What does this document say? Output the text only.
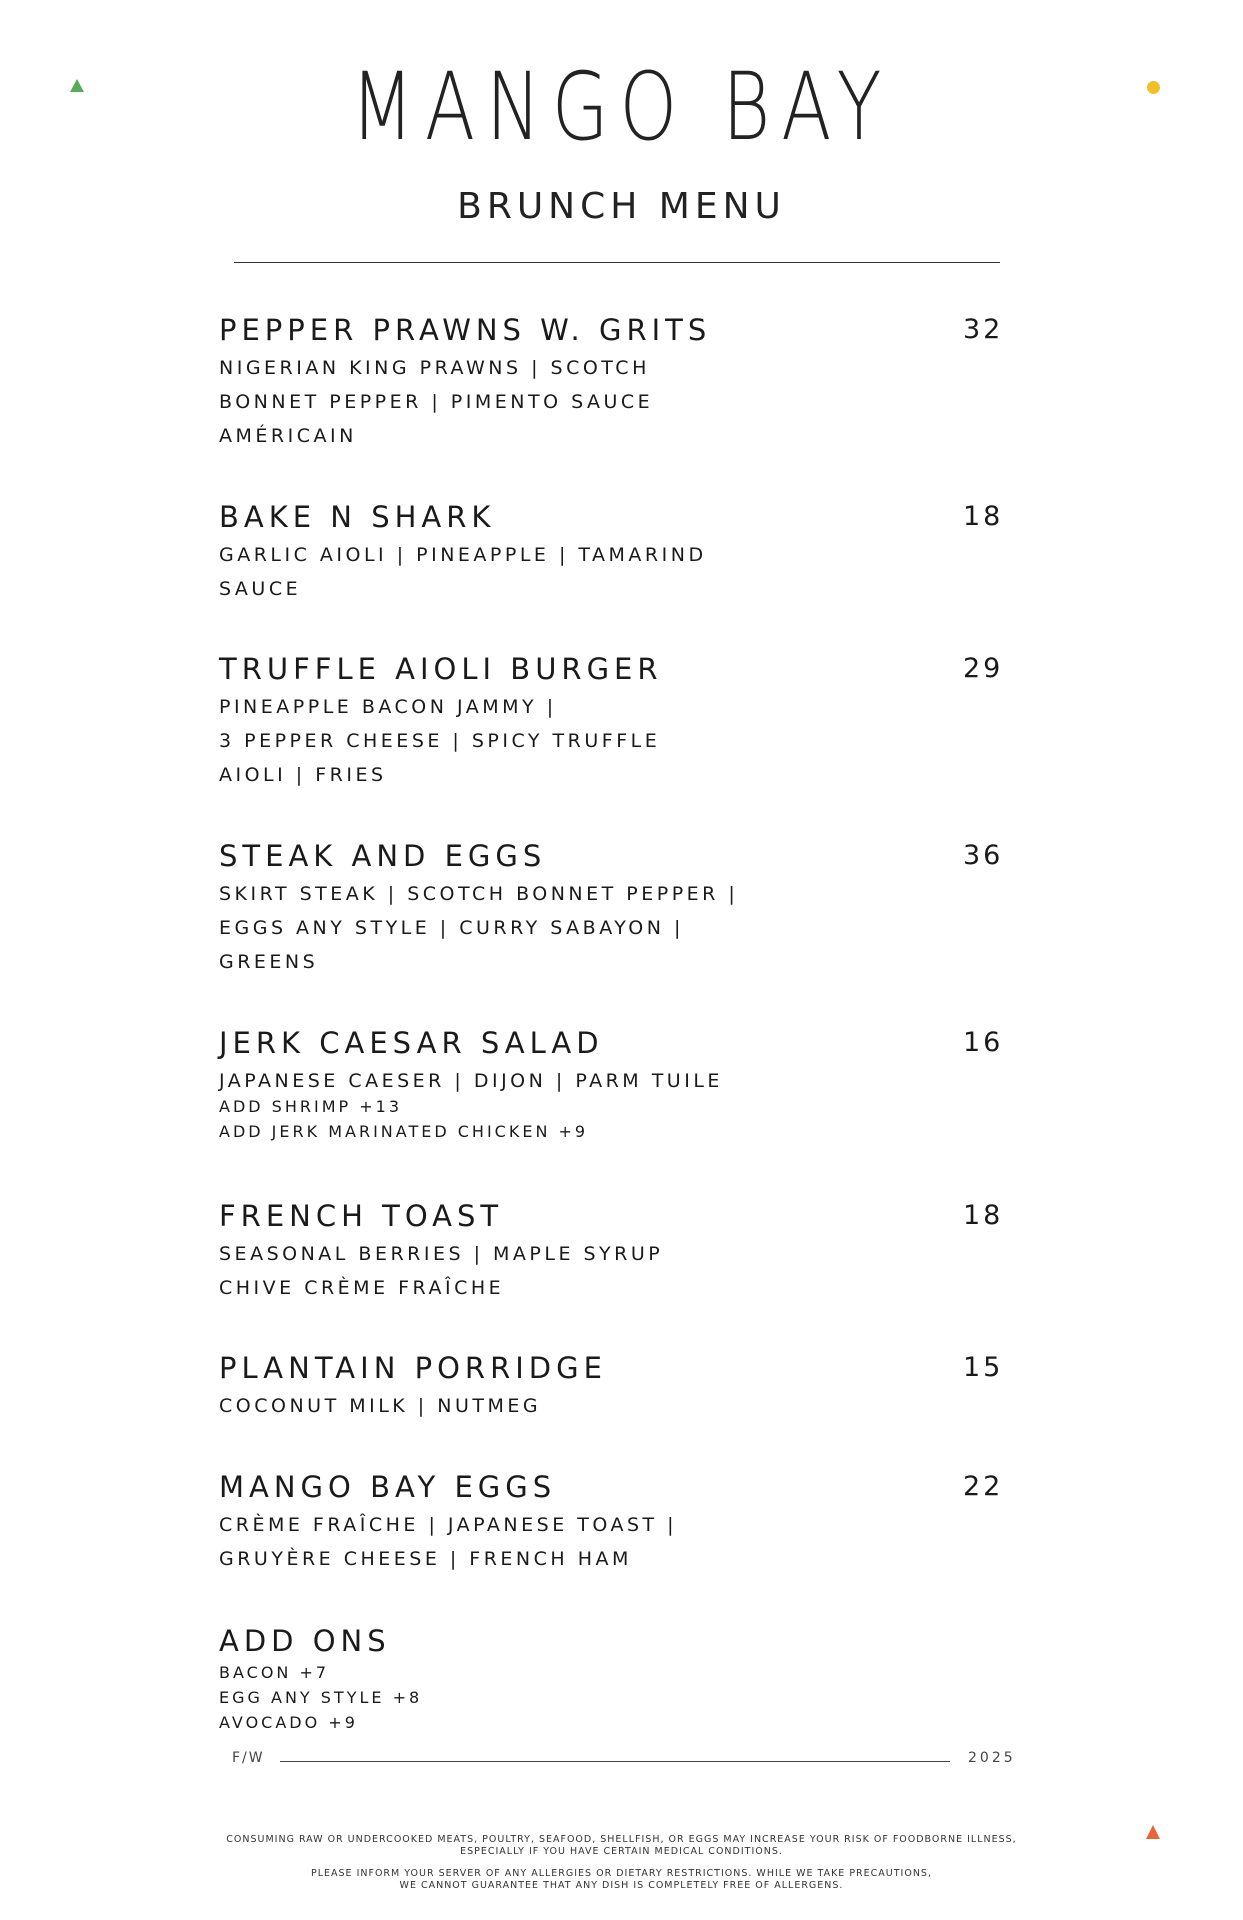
MANGO BAY
BRUNCH MENU
PEPPER PRAWNS W. GRITS	32
NIGERIAN KING PRAWNS | SCOTCH
BONNET PEPPER | PIMENTO SAUCE
AMÉRICAIN
BAKE N SHARK	18
GARLIC AIOLI | PINEAPPLE | TAMARIND
SAUCE
TRUFFLE AIOLI BURGER	29
PINEAPPLE BACON JAMMY |
3 PEPPER CHEESE | SPICY TRUFFLE
AIOLI | FRIES
STEAK AND EGGS	36
SKIRT STEAK | SCOTCH BONNET PEPPER |
EGGS ANY STYLE | CURRY SABAYON |
GREENS
JERK CAESAR SALAD	16
JAPANESE CAESER | DIJON | PARM TUILE
ADD SHRIMP +13
ADD JERK MARINATED CHICKEN +9
FRENCH TOAST	18
SEASONAL BERRIES | MAPLE SYRUP
CHIVE CRÈME FRAÎCHE
PLANTAIN PORRIDGE	15
COCONUT MILK | NUTMEG
MANGO BAY EGGS	22
CRÈME FRAÎCHE | JAPANESE TOAST |
GRUYÈRE CHEESE | FRENCH HAM
ADD ONS
BACON +7
EGG ANY STYLE +8
AVOCADO +9
F/W	2025
CONSUMING RAW OR UNDERCOOKED MEATS, POULTRY, SEAFOOD, SHELLFISH, OR EGGS MAY INCREASE YOUR RISK OF FOODBORNE ILLNESS,
ESPECIALLY IF YOU HAVE CERTAIN MEDICAL CONDITIONS.
PLEASE INFORM YOUR SERVER OF ANY ALLERGIES OR DIETARY RESTRICTIONS. WHILE WE TAKE PRECAUTIONS,
WE CANNOT GUARANTEE THAT ANY DISH IS COMPLETELY FREE OF ALLERGENS.
